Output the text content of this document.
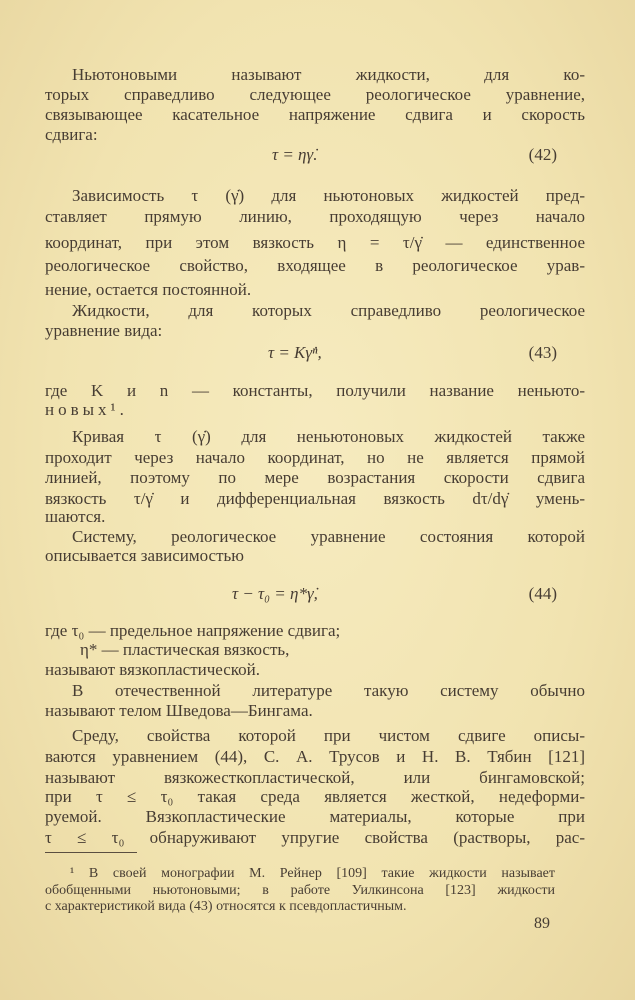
Ньютоновыми называют жидкости, для ко-
торых справедливо следующее реологическое уравнение,
связывающее касательное напряжение сдвига и скорость
сдвига:
τ = ηγ̇.	(42)
Зависимость τ (γ̇) для ньютоновых жидкостей пред-
ставляет прямую линию, проходящую через начало
координат, при этом вязкость η = τ/γ̇ — единственное
реологическое свойство, входящее в реологическое урав-
нение, остается постоянной.
Жидкости, для которых справедливо реологическое
уравнение вида:
τ = Kγ̇ⁿ,	(43)
где K и n — константы, получили название неньюто-
новых¹.
Кривая τ (γ̇) для неньютоновых жидкостей также
проходит через начало координат, но не является прямой
линией, поэтому по мере возрастания скорости сдвига
вязкость τ/γ̇ и дифференциальная вязкость dτ/dγ̇ умень-
шаются.
Систему, реологическое уравнение состояния которой
описывается зависимостью
τ − τ₀ = η*γ̇,	(44)
где τ₀ — предельное напряжение сдвига;
η* — пластическая вязкость,
называют вязкопластической.
В отечественной литературе такую систему обычно
называют телом Шведова—Бингама.
Среду, свойства которой при чистом сдвиге описы-
ваются уравнением (44), С. А. Трусов и Н. В. Тябин [121]
называют вязкожесткопластической, или бингамовской;
при τ ≤ τ₀ такая среда является жесткой, недеформи-
руемой. Вязкопластические материалы, которые при
τ ≤ τ₀ обнаруживают упругие свойства (растворы, рас-
¹ В своей монографии М. Рейнер [109] такие жидкости называет
обобщенными ньютоновыми; в работе Уилкинсона [123] жидкости
с характеристикой вида (43) относятся к псевдопластичным.
89
